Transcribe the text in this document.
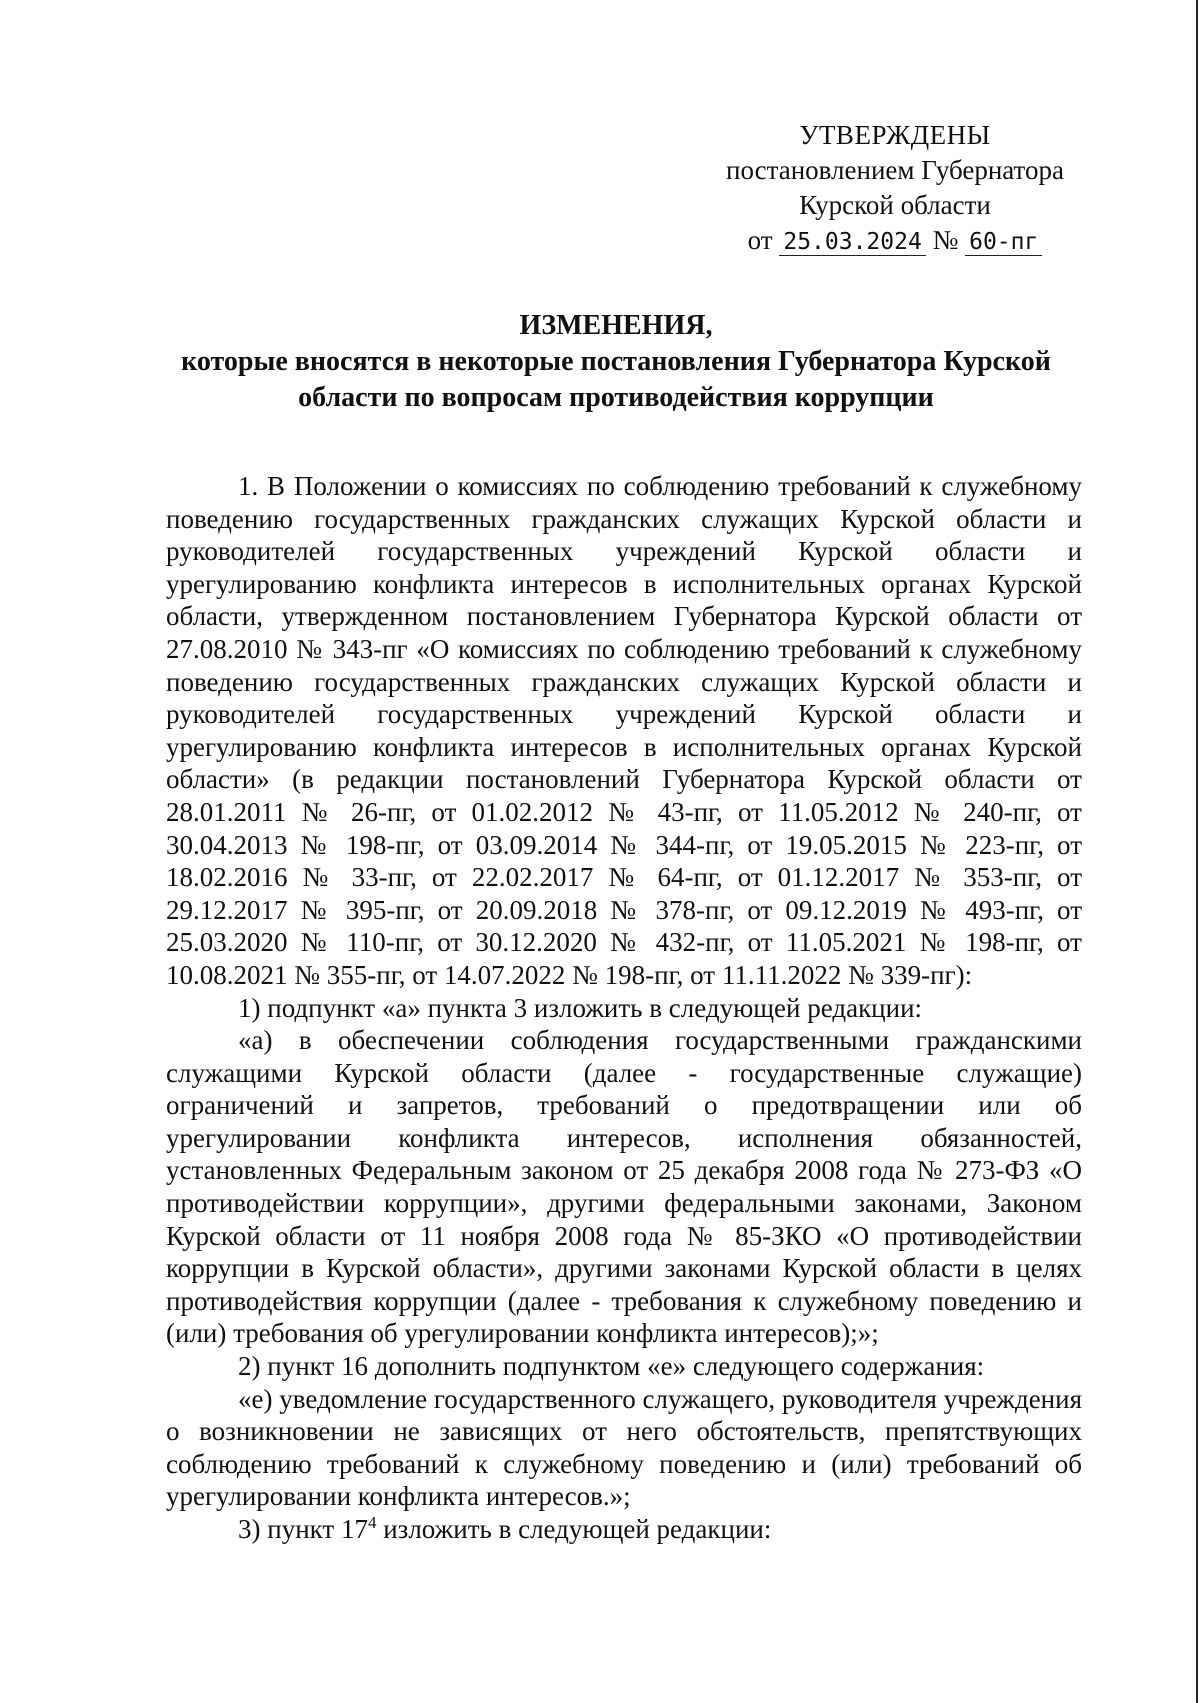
УТВЕРЖДЕНЫ
постановлением Губернатора
Курской области
от 25.03.2024 № 60-пг
ИЗМЕНЕНИЯ,
которые вносятся в некоторые постановления Губернатора Курской
области по вопросам противодействия коррупции

1. В Положении о комиссиях по соблюдению требований к служебному поведению государственных гражданских служащих Курской области и руководителей государственных учреждений Курской области и урегулированию конфликта интересов в исполнительных органах Курской области, утвержденном постановлением Губернатора Курской области от 27.08.2010 № 343-пг «О комиссиях по соблюдению требований к служебному поведению государственных гражданских служащих Курской области и руководителей государственных учреждений Курской области и урегулированию конфликта интересов в исполнительных органах Курской области» (в редакции постановлений Губернатора Курской области от 28.01.2011 № 26-пг, от 01.02.2012 № 43-пг, от 11.05.2012 № 240-пг, от 30.04.2013 № 198-пг, от 03.09.2014 № 344-пг, от 19.05.2015 № 223-пг, от 18.02.2016 № 33-пг, от 22.02.2017 № 64-пг, от 01.12.2017 № 353-пг, от 29.12.2017 № 395-пг, от 20.09.2018 № 378-пг, от 09.12.2019 № 493-пг, от 25.03.2020 № 110-пг, от 30.12.2020 № 432-пг, от 11.05.2021 № 198-пг, от 10.08.2021 № 355-пг, от 14.07.2022 № 198-пг, от 11.11.2022 № 339-пг):

1) подпункт «а» пункта 3 изложить в следующей редакции:

«а) в обеспечении соблюдения государственными гражданскими служащими Курской области (далее - государственные служащие) ограничений и запретов, требований о предотвращении или об урегулировании конфликта интересов, исполнения обязанностей, установленных Федеральным законом от 25 декабря 2008 года № 273-ФЗ «О противодействии коррупции», другими федеральными законами, Законом Курской области от 11 ноября 2008 года № 85-ЗКО «О противодействии коррупции в Курской области», другими законами Курской области в целях противодействия коррупции (далее - требования к служебному поведению и (или) требования об урегулировании конфликта интересов);»;

2) пункт 16 дополнить подпунктом «е» следующего содержания:

«е) уведомление государственного служащего, руководителя учреждения о возникновении не зависящих от него обстоятельств, препятствующих соблюдению требований к служебному поведению и (или) требований об урегулировании конфликта интересов.»;

3) пункт $17^4$ изложить в следующей редакции:
